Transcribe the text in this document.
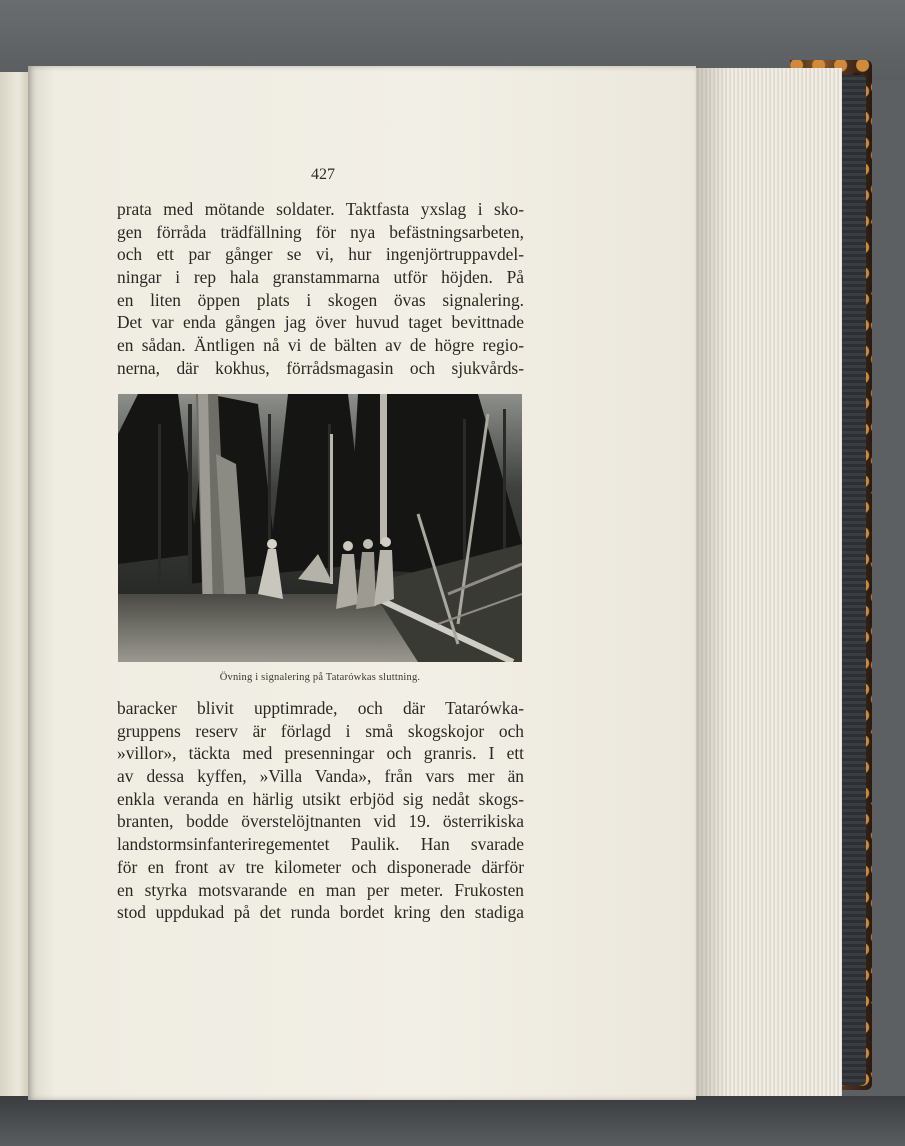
427
prata med mötande soldater. Taktfasta yxslag i sko-
gen förråda trädfällning för nya befästningsarbeten,
och ett par gånger se vi, hur ingenjörtruppavdel-
ningar i rep hala granstammarna utför höjden. På
en liten öppen plats i skogen övas signalering.
Det var enda gången jag över huvud taget bevittnade
en sådan. Äntligen nå vi de bälten av de högre regio-
nerna, där kokhus, förrådsmagasin och sjukvårds-
Övning i signalering på Tatarówkas sluttning.
baracker blivit upptimrade, och där Tatarówka-
gruppens reserv är förlagd i små skogskojor och
»villor», täckta med presenningar och granris. I ett
av dessa kyffen, »Villa Vanda», från vars mer än
enkla veranda en härlig utsikt erbjöd sig nedåt skogs-
branten, bodde överstelöjtnanten vid 19. österrikiska
landstormsinfanteriregementet Paulik. Han svarade
för en front av tre kilometer och disponerade därför
en styrka motsvarande en man per meter. Frukosten
stod uppdukad på det runda bordet kring den stadiga
